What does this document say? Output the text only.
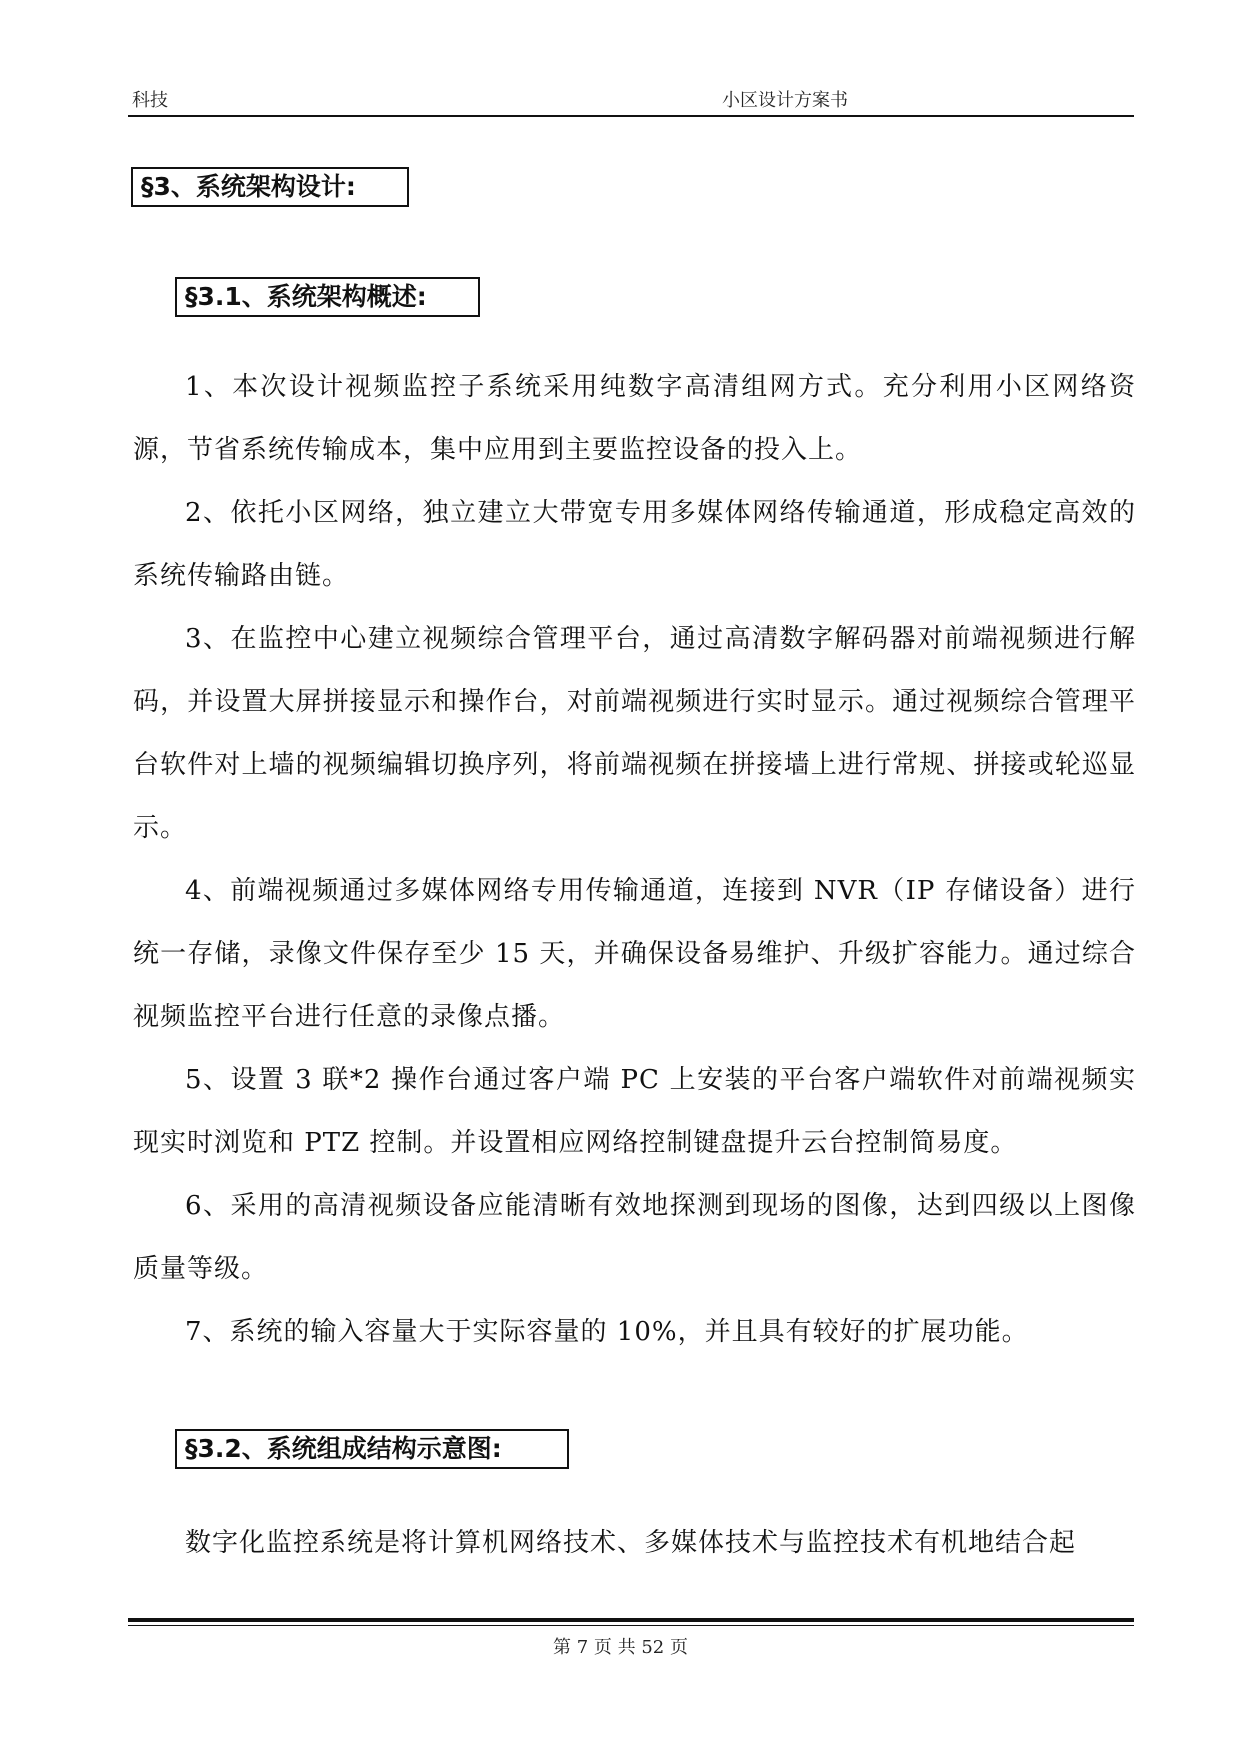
科技	小区设计方案书
§3、系统架构设计:
§3.1、系统架构概述:

1、本次设计视频监控子系统采用纯数字高清组网方式。充分利用小区网络资源，节省系统传输成本，集中应用到主要监控设备的投入上。

2、依托小区网络，独立建立大带宽专用多媒体网络传输通道，形成稳定高效的系统传输路由链。

3、在监控中心建立视频综合管理平台，通过高清数字解码器对前端视频进行解码，并设置大屏拼接显示和操作台，对前端视频进行实时显示。通过视频综合管理平台软件对上墙的视频编辑切换序列，将前端视频在拼接墙上进行常规、拼接或轮巡显示。

4、前端视频通过多媒体网络专用传输通道，连接到 NVR（IP 存储设备）进行统一存储，录像文件保存至少 15 天，并确保设备易维护、升级扩容能力。通过综合视频监控平台进行任意的录像点播。

5、设置 3 联*2 操作台通过客户端 PC 上安装的平台客户端软件对前端视频实现实时浏览和 PTZ 控制。并设置相应网络控制键盘提升云台控制简易度。

6、采用的高清视频设备应能清晰有效地探测到现场的图像，达到四级以上图像质量等级。

7、系统的输入容量大于实际容量的 10%，并且具有较好的扩展功能。

§3.2、系统组成结构示意图:

数字化监控系统是将计算机网络技术、多媒体技术与监控技术有机地结合起

第 7 页 共 52 页
